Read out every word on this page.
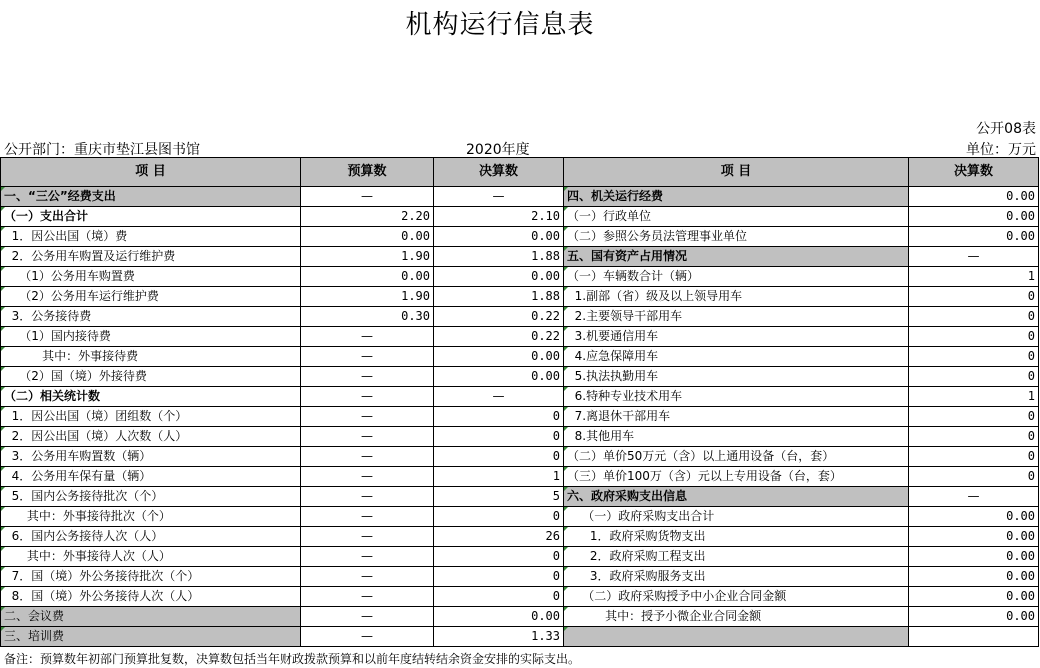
机构运行信息表
公开08表
公开部门：重庆市垫江县图书馆	2020年度	单位：万元
项 目	预算数	决算数	项 目	决算数
一、“三公”经费支出	—	—	四、机关运行经费	0.00
（一）支出合计	2.20	2.10	（一）行政单位	0.00
1．因公出国（境）费	0.00	0.00	（二）参照公务员法管理事业单位	0.00
2．公务用车购置及运行维护费	1.90	1.88	五、国有资产占用情况	—
（1）公务用车购置费	0.00	0.00	（一）车辆数合计（辆）	1
（2）公务用车运行维护费	1.90	1.88	1.副部（省）级及以上领导用车	0
3．公务接待费	0.30	0.22	2.主要领导干部用车	0
（1）国内接待费	—	0.22	3.机要通信用车	0
其中：外事接待费	—	0.00	4.应急保障用车	0
（2）国（境）外接待费	—	0.00	5.执法执勤用车	0
（二）相关统计数	—	—	6.特种专业技术用车	1
1．因公出国（境）团组数（个）	—	0	7.离退休干部用车	0
2．因公出国（境）人次数（人）	—	0	8.其他用车	0
3．公务用车购置数（辆）	—	0	（二）单价50万元（含）以上通用设备（台，套）	0
4．公务用车保有量（辆）	—	1	（三）单价100万（含）元以上专用设备（台，套）	0
5．国内公务接待批次（个）	—	5	六、政府采购支出信息	—
其中：外事接待批次（个）	—	0	（一）政府采购支出合计	0.00
6．国内公务接待人次（人）	—	26	1．政府采购货物支出	0.00
其中：外事接待人次（人）	—	0	2．政府采购工程支出	0.00
7．国（境）外公务接待批次（个）	—	0	3．政府采购服务支出	0.00
8．国（境）外公务接待人次（人）	—	0	（二）政府采购授予中小企业合同金额	0.00
二、会议费	—	0.00	其中：授予小微企业合同金额	0.00
三、培训费	—	1.33		
备注：预算数年初部门预算批复数，决算数包括当年财政拨款预算和以前年度结转结余资金安排的实际支出。
